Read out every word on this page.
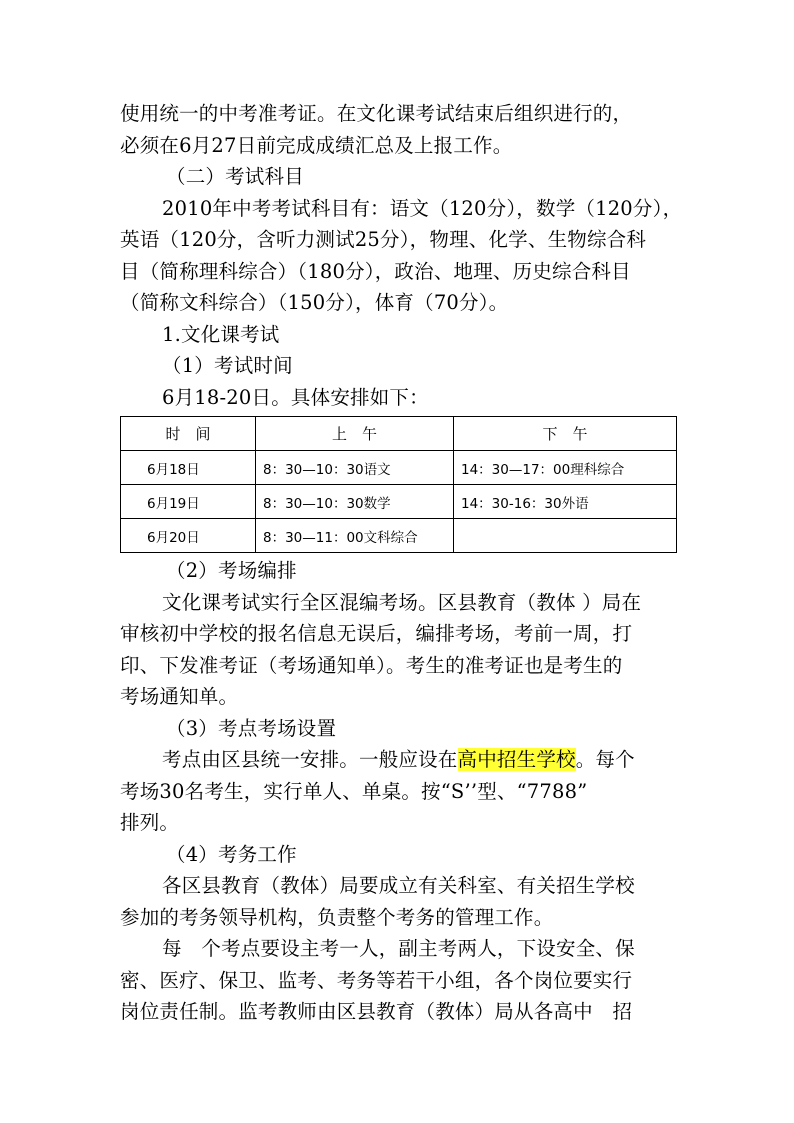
使用统一的中考准考证。在文化课考试结束后组织进行的，
必须在6月27日前完成成绩汇总及上报工作。
（二）考试科目
2010年中考考试科目有：语文（120分），数学（120分），
英语（120分，含听力测试25分），物理、化学、生物综合科
目（简称理科综合）（180分），政治、地理、历史综合科目
（简称文科综合）（150分），体育（70分）。
1.文化课考试
（1）考试时间
6月18-20日。具体安排如下：
时　间	上　午	下　午
6月18日	8：30—10：30语文	14：30—17：00理科综合
6月19日	8：30—10：30数学	14：30-16：30外语
6月20日	8：30—11：00文科综合	
（2）考场编排
文化课考试实行全区混编考场。区县教育（教体 ）局在
审核初中学校的报名信息无误后，编排考场，考前一周，打
印、下发准考证（考场通知单）。考生的准考证也是考生的
考场通知单。
（3）考点考场设置
考点由区县统一安排。一般应设在高中招生学校。每个
考场30名考生，实行单人、单桌。按“S’’型、“7788”
排列。
（4）考务工作
各区县教育（教体）局要成立有关科室、有关招生学校
参加的考务领导机构，负责整个考务的管理工作。
每　个考点要设主考一人，副主考两人，下设安全、保
密、医疗、保卫、监考、考务等若干小组，各个岗位要实行
岗位责任制。监考教师由区县教育（教体）局从各高中　招
